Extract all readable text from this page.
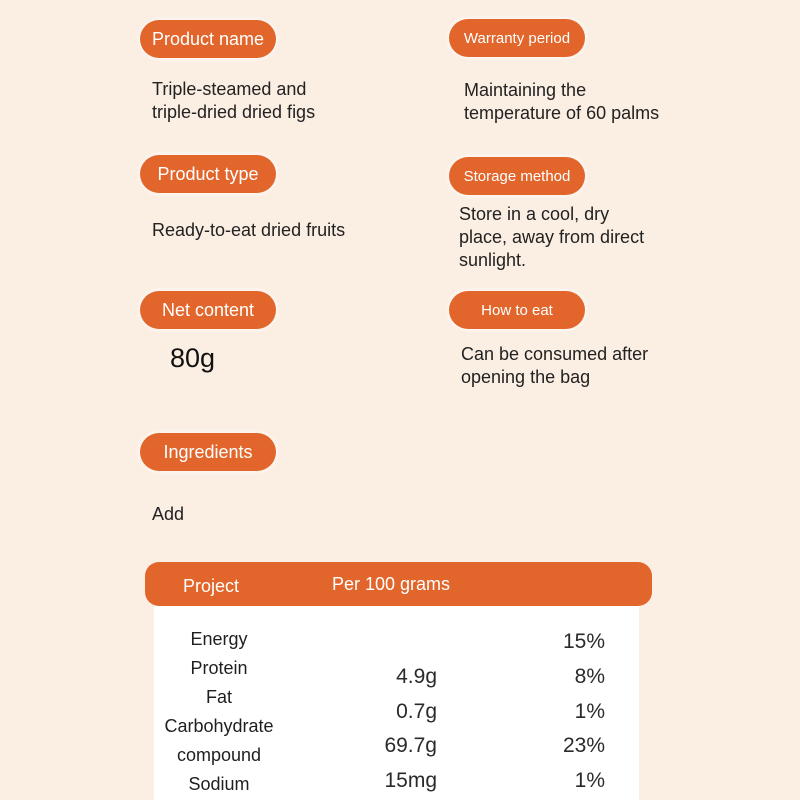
Product name
Triple-steamed and
triple-dried dried figs
Product type
Ready-to-eat dried fruits
Net content
80g
Ingredients
Add
Warranty period
Maintaining the
temperature of 60 palms
Storage method
Store in a cool, dry
place, away from direct
sunlight.
How to eat
Can be consumed after
opening the bag
Energy
Protein
Fat
Carbohydrate
compound
Sodium
4.9g
0.7g
69.7g
15mg
15%
8%
1%
23%
1%
Project	Per 100 grams
